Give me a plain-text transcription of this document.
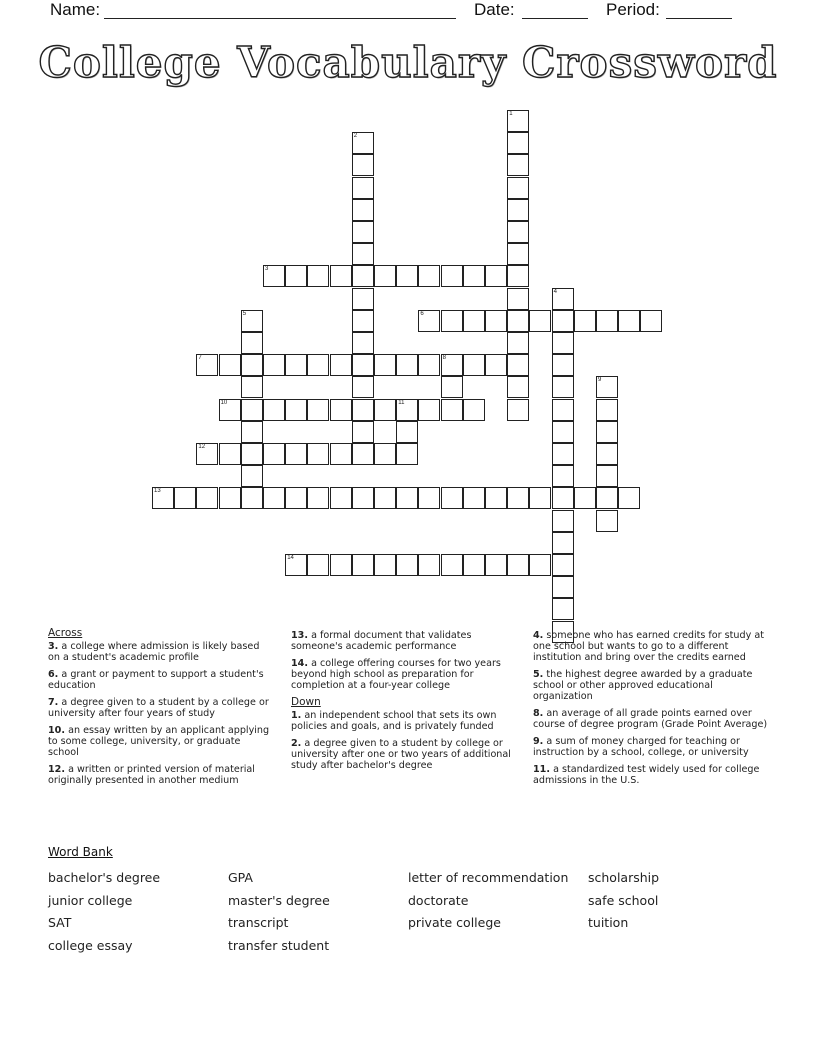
Name:	Date:	Period:
College Vocabulary Crossword
1
2
3
4
5	6
7	8
9
10	11
12
13
14
Across
3. a college where admission is likely based on a student's academic profile
6. a grant or payment to support a student's education
7. a degree given to a student by a college or university after four years of study
10. an essay written by an applicant applying to some college, university, or graduate school
12. a written or printed version of material originally presented in another medium
13. a formal document that validates someone's academic performance
14. a college offering courses for two years beyond high school as preparation for completion at a four-year college
Down
1. an independent school that sets its own policies and goals, and is privately funded
2. a degree given to a student by college or university after one or two years of additional study after bachelor's degree
4. someone who has earned credits for study at one school but wants to go to a different institution and bring over the credits earned
5. the highest degree awarded by a graduate school or other approved educational organization
8. an average of all grade points earned over course of degree program (Grade Point Average)
9. a sum of money charged for teaching or instruction by a school, college, or university
11. a standardized test widely used for college admissions in the U.S.
Word Bank
bachelor's degree
junior college
SAT
college essay
GPA
master's degree
transcript
transfer student
letter of recommendation
doctorate
private college
scholarship
safe school
tuition
